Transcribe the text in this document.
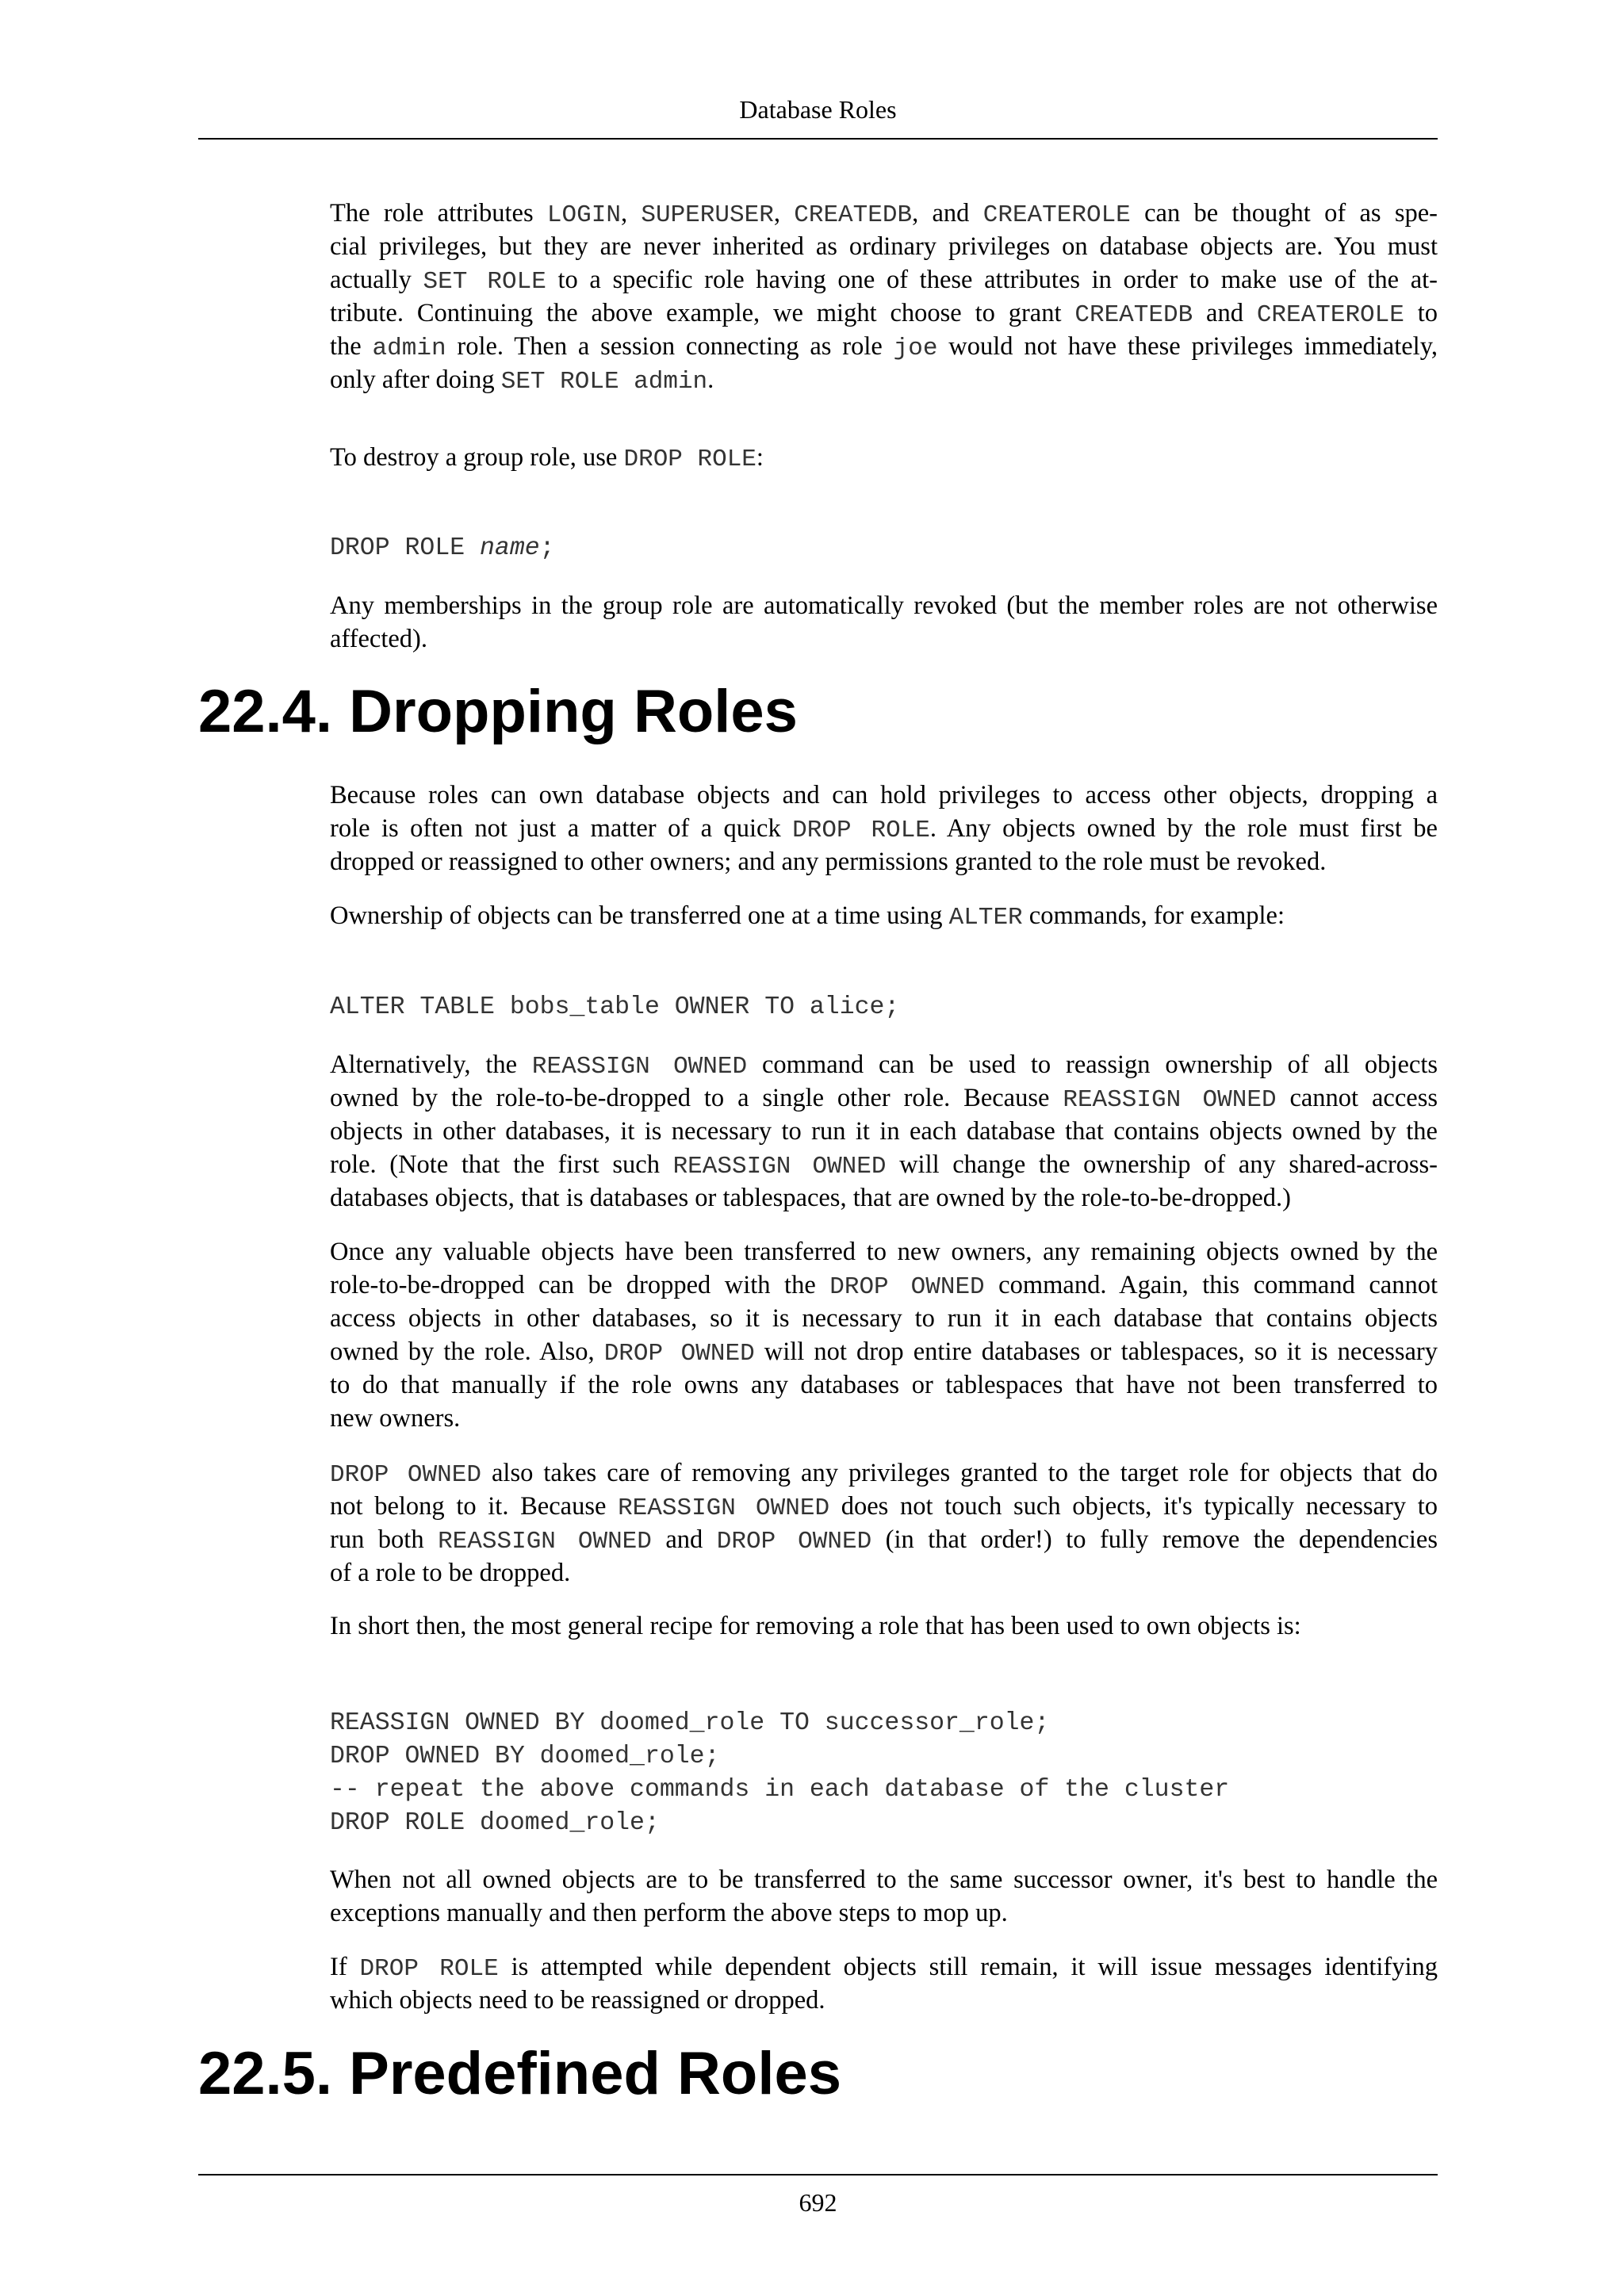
Database Roles
The role attributes LOGIN, SUPERUSER, CREATEDB, and CREATEROLE can be thought of as spe-
cial privileges, but they are never inherited as ordinary privileges on database objects are. You must
actually SET ROLE to a specific role having one of these attributes in order to make use of the at-
tribute. Continuing the above example, we might choose to grant CREATEDB and CREATEROLE to
the admin role. Then a session connecting as role joe would not have these privileges immediately,
only after doing SET ROLE admin.
To destroy a group role, use DROP ROLE:
DROP ROLE name;
Any memberships in the group role are automatically revoked (but the member roles are not otherwise
affected).
22.4. Dropping Roles
Because roles can own database objects and can hold privileges to access other objects, dropping a
role is often not just a matter of a quick DROP ROLE. Any objects owned by the role must first be
dropped or reassigned to other owners; and any permissions granted to the role must be revoked.
Ownership of objects can be transferred one at a time using ALTER commands, for example:
ALTER TABLE bobs_table OWNER TO alice;
Alternatively, the REASSIGN OWNED command can be used to reassign ownership of all objects
owned by the role-to-be-dropped to a single other role. Because REASSIGN OWNED cannot access
objects in other databases, it is necessary to run it in each database that contains objects owned by the
role. (Note that the first such REASSIGN OWNED will change the ownership of any shared-across-
databases objects, that is databases or tablespaces, that are owned by the role-to-be-dropped.)
Once any valuable objects have been transferred to new owners, any remaining objects owned by the
role-to-be-dropped can be dropped with the DROP OWNED command. Again, this command cannot
access objects in other databases, so it is necessary to run it in each database that contains objects
owned by the role. Also, DROP OWNED will not drop entire databases or tablespaces, so it is necessary
to do that manually if the role owns any databases or tablespaces that have not been transferred to
new owners.
DROP OWNED also takes care of removing any privileges granted to the target role for objects that do
not belong to it. Because REASSIGN OWNED does not touch such objects, it's typically necessary to
run both REASSIGN OWNED and DROP OWNED (in that order!) to fully remove the dependencies
of a role to be dropped.
In short then, the most general recipe for removing a role that has been used to own objects is:
REASSIGN OWNED BY doomed_role TO successor_role;
DROP OWNED BY doomed_role;
-- repeat the above commands in each database of the cluster
DROP ROLE doomed_role;
When not all owned objects are to be transferred to the same successor owner, it's best to handle the
exceptions manually and then perform the above steps to mop up.
If DROP ROLE is attempted while dependent objects still remain, it will issue messages identifying
which objects need to be reassigned or dropped.
22.5. Predefined Roles
692
